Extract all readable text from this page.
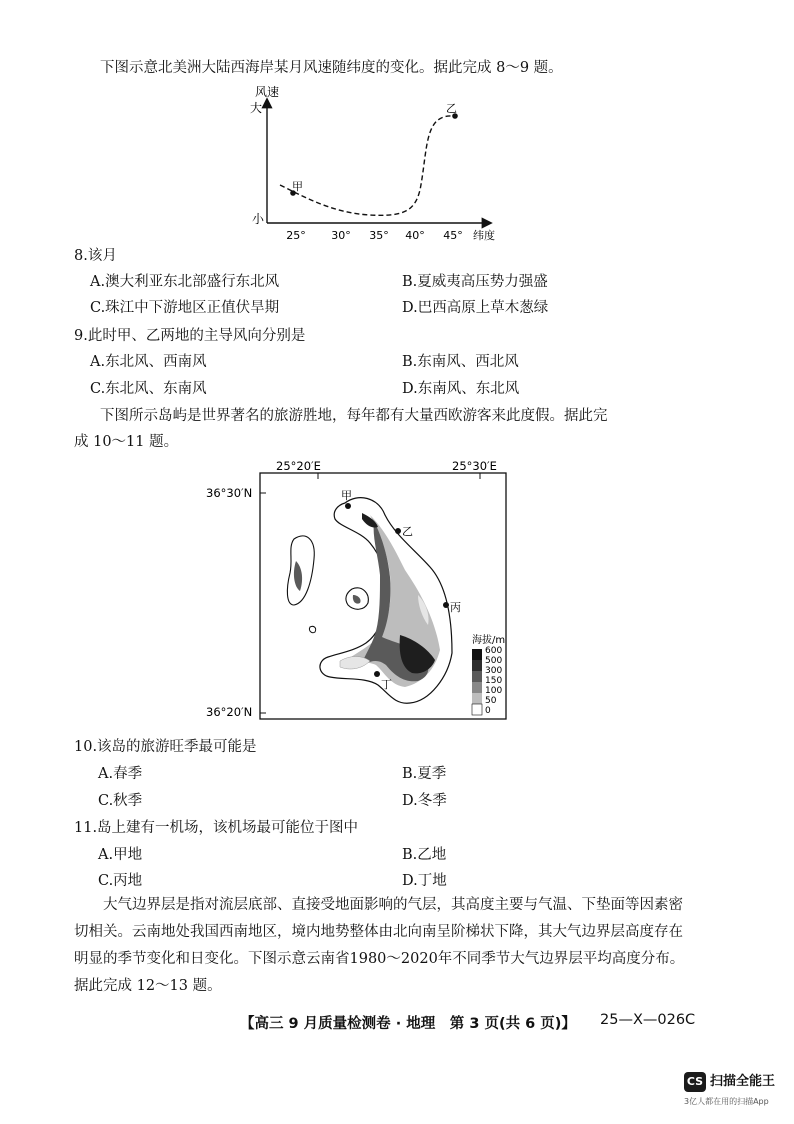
下图示意北美洲大陆西海岸某月风速随纬度的变化。据此完成 8～9 题。
风速
大
小
25° 30° 35° 40° 45° 纬度
甲
乙
8.该月
A.澳大利亚东北部盛行东北风	B.夏威夷高压势力强盛
C.珠江中下游地区正值伏旱期	D.巴西高原上草木葱绿
9.此时甲、乙两地的主导风向分别是
A.东北风、西南风	B.东南风、西北风
C.东北风、东南风	D.东南风、东北风
下图所示岛屿是世界著名的旅游胜地，每年都有大量西欧游客来此度假。据此完
成 10～11 题。
25°20′E	25°30′E
36°30′N
36°20′N
甲
乙
丙
丁
海拔/m
600
500
300
150
100
50
0
10.该岛的旅游旺季最可能是
A.春季	B.夏季
C.秋季	D.冬季
11.岛上建有一机场，该机场最可能位于图中
A.甲地	B.乙地
C.丙地	D.丁地
大气边界层是指对流层底部、直接受地面影响的气层，其高度主要与气温、下垫面等因素密切相关。云南地处我国西南地区，境内地势整体由北向南呈阶梯状下降，其大气边界层高度存在明显的季节变化和日变化。下图示意云南省1980～2020年不同季节大气边界层平均高度分布。据此完成 12～13 题。
【高三 9 月质量检测卷 · 地理　第 3 页(共 6 页)】 25—X—026C
CS 扫描全能王
3亿人都在用的扫描App
